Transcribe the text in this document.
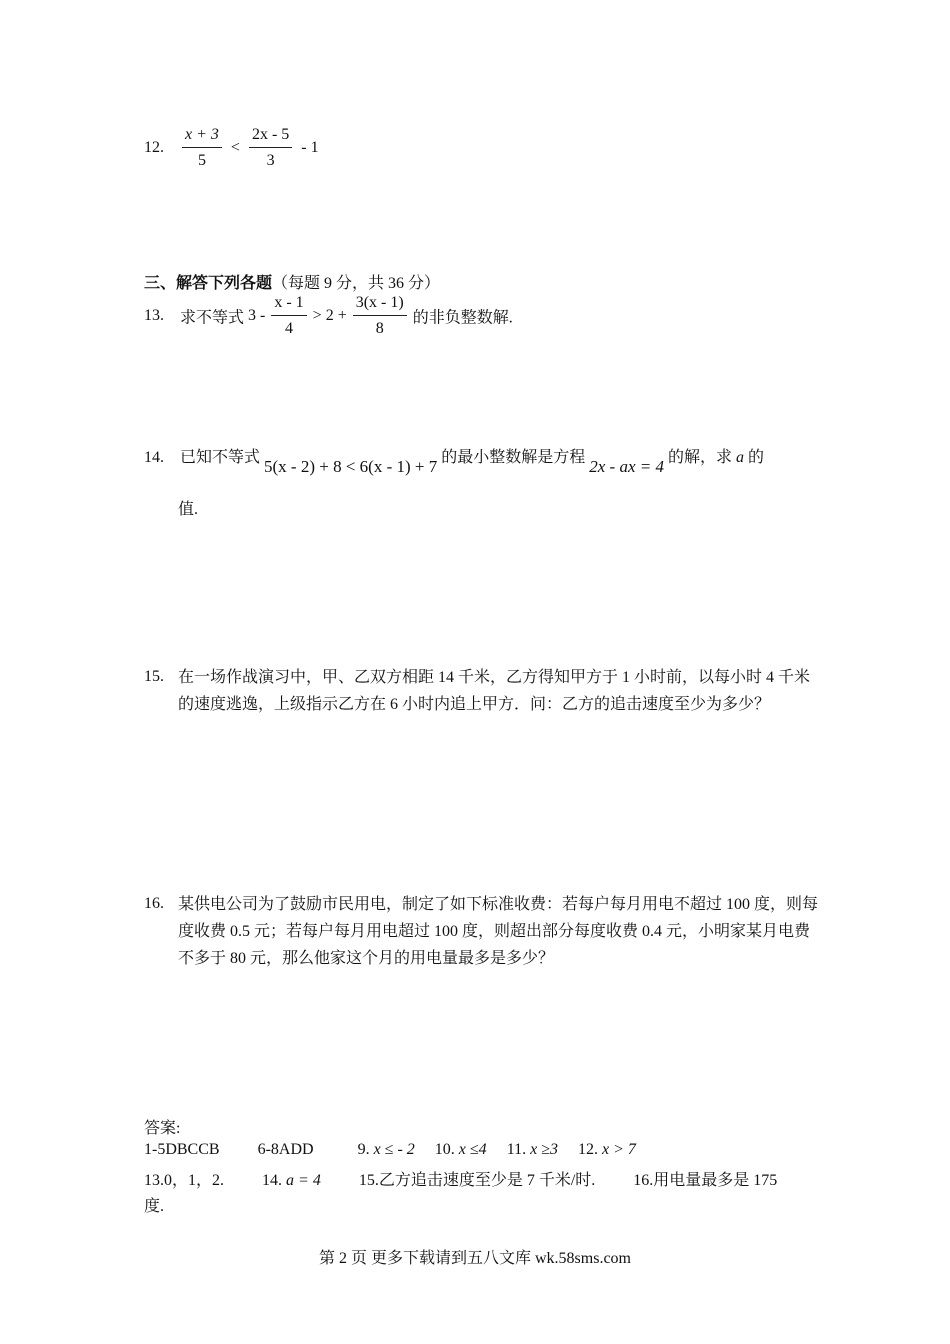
12. $\frac{x + 3}{5} < \frac{2x - 5}{3} - 1$
三、解答下列各题（每题 9 分，共 36 分）
13. 求不等式 $3 - \frac{x - 1}{4} > 2 + \frac{3(x - 1)}{8}$ 的非负整数解.
14. 已知不等式 5(x - 2) + 8 < 6(x - 1) + 7 的最小整数解是方程 2x - ax = 4 的解，求 a 的
值.
15. 在一场作战演习中，甲、乙双方相距 14 千米，乙方得知甲方于 1 小时前，以每小时 4 千米的速度逃逸，上级指示乙方在 6 小时内追上甲方．问：乙方的追击速度至少为多少？
16. 某供电公司为了鼓励市民用电，制定了如下标准收费：若每户每月用电不超过 100 度，则每度收费 0.5 元；若每户每月用电超过 100 度，则超出部分每度收费 0.4 元，小明家某月电费不多于 80 元，那么他家这个月的用电量最多是多少？
答案:
1-5DBCCB 6-8ADD	9. x ≤ - 2 10. x ≤4 11. x ≥3 12. x > 7
13.0，1，2. 14. a = 4 15.乙方追击速度至少是 7 千米/时. 16.用电量最多是 175
度.
第 2 页 更多下载请到五八文库 wk.58sms.com
